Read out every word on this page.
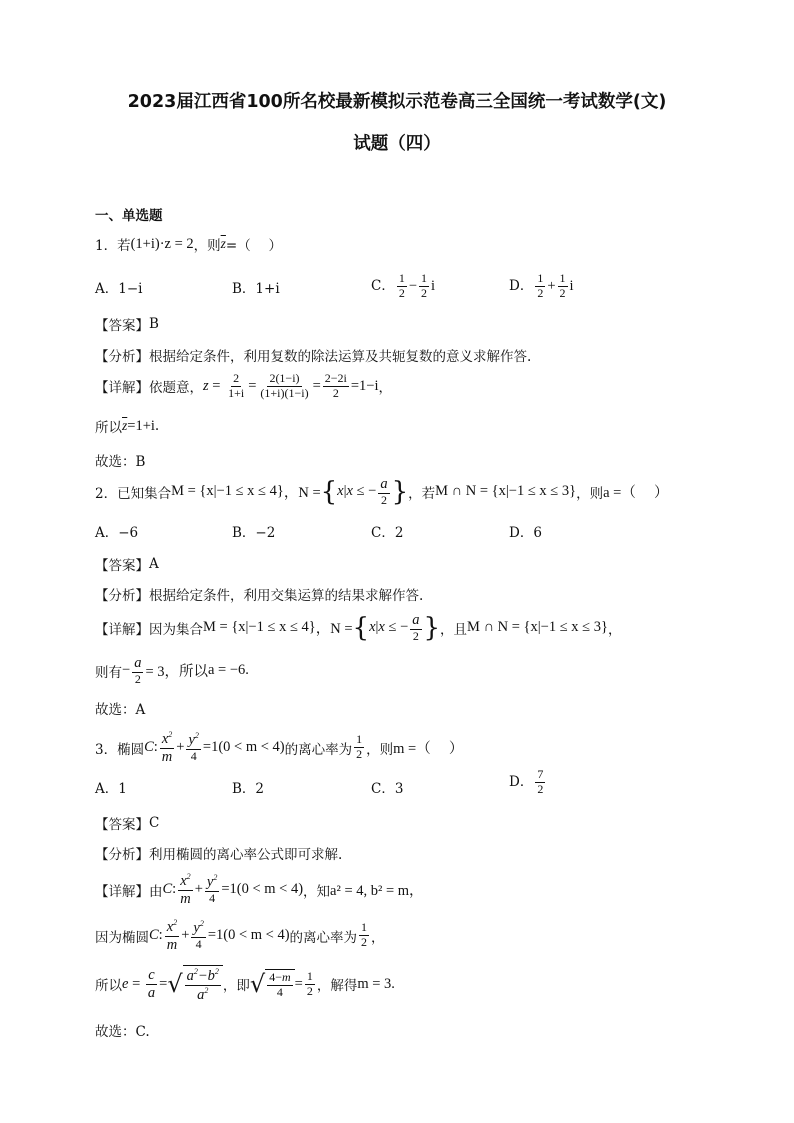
2023届江西省100所名校最新模拟示范卷高三全国统一考试数学(文)
试题（四）
一、单选题
1．若 (1+i)·z = 2 ，则 $\overline{z}$ =（　 ）
A．1−i	B．1+i	C． $\frac{1}{2} - \frac{1}{2}$ i	D． $\frac{1}{2} + \frac{1}{2}$ i
【答案】 B
【分析】 根据给定条件，利用复数的除法运算及共轭复数的意义求解作答.
【详解】 依题意， $z = \frac{2}{1+i} = \frac{2(1-i)}{(1+i)(1-i)} = \frac{2-2i}{2} =1-i$ ，
所以 $\overline{z} =1+i$ .
故选：B
2．已知集合 M = {x|−1 ≤ x ≤ 4} ，N = { x | x ≤ − $\frac{a}{2}$ } ，若 M ∩ N = {x|−1 ≤ x ≤ 3} ，则 a =（　 ）
A．−6	B．−2	C．2	D．6
【答案】 A
【分析】 根据给定条件，利用交集运算的结果求解作答.
【详解】 因为集合 M = {x|−1 ≤ x ≤ 4} ，N = { x | x ≤ − $\frac{a}{2}$ } ，且 M ∩ N = {x|−1 ≤ x ≤ 3} ，
则有 − $\frac{a}{2} = 3$，所以 a = −6.
故选：A
3．椭圆 C : $\frac{x^2}{m} + \frac{y^2}{4} =1(0 < m < 4)$ 的离心率为 $\frac{1}{2}$ ，则 m =（　 ）
A．1	B．2	C．3	D． $\frac{7}{2}$
【答案】 C
【分析】 利用椭圆的离心率公式即可求解.
【详解】 由 C : $\frac{x^2}{m} + \frac{y^2}{4} =1(0 < m < 4)$ ，知 a² = 4, b² = m，
因为椭圆 C : $\frac{x^2}{m} + \frac{y^2}{4} =1(0 < m < 4)$ 的离心率为 $\frac{1}{2}$ ，
所以 $e = \frac{c}{a}$ = √ $\frac{a^2-b^2}{a^2}$ ，即 √ $\frac{4-m}{4} = \frac{1}{2}$ ，解得 m = 3.
故选：C.
